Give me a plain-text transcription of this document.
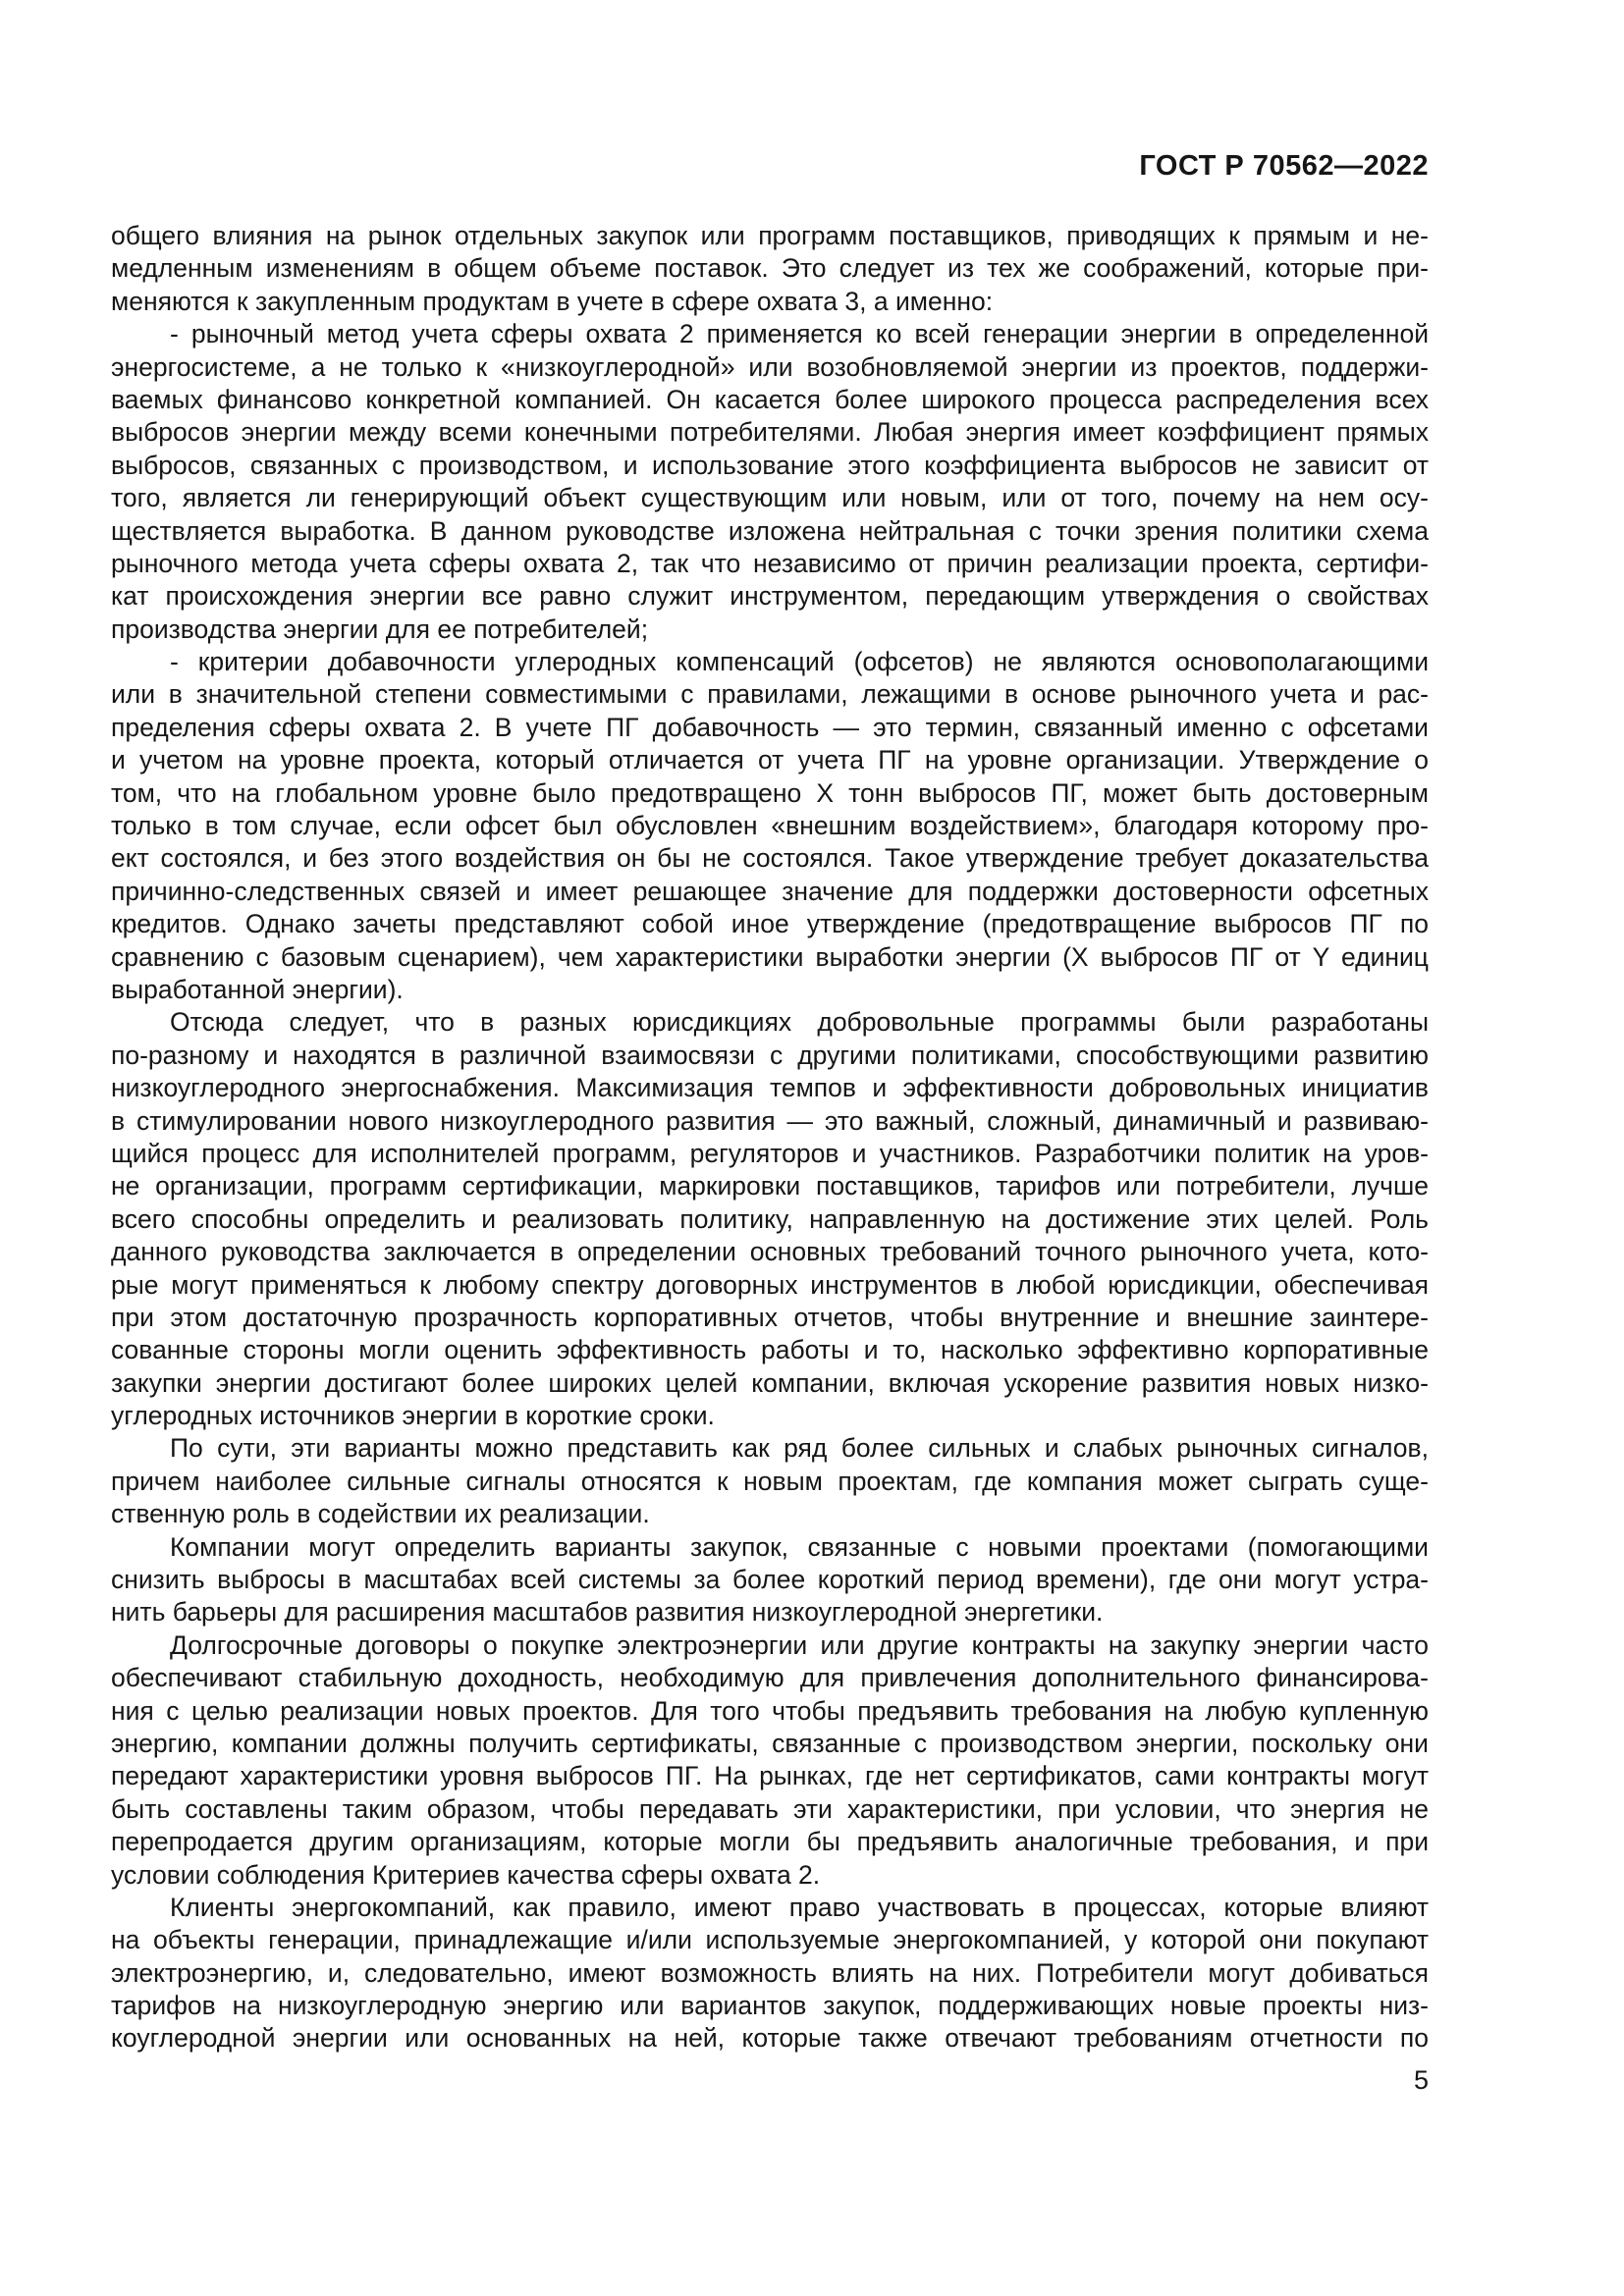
ГОСТ Р 70562—2022
общего влияния на рынок отдельных закупок или программ поставщиков, приводящих к прямым и не-
медленным изменениям в общем объеме поставок. Это следует из тех же соображений, которые при-
меняются к закупленным продуктам в учете в сфере охвата 3, а именно:
- рыночный метод учета сферы охвата 2 применяется ко всей генерации энергии в определенной
энергосистеме, а не только к «низкоуглеродной» или возобновляемой энергии из проектов, поддержи-
ваемых финансово конкретной компанией. Он касается более широкого процесса распределения всех
выбросов энергии между всеми конечными потребителями. Любая энергия имеет коэффициент прямых
выбросов, связанных с производством, и использование этого коэффициента выбросов не зависит от
того, является ли генерирующий объект существующим или новым, или от того, почему на нем осу-
ществляется выработка. В данном руководстве изложена нейтральная с точки зрения политики схема
рыночного метода учета сферы охвата 2, так что независимо от причин реализации проекта, сертифи-
кат происхождения энергии все равно служит инструментом, передающим утверждения о свойствах
производства энергии для ее потребителей;
- критерии добавочности углеродных компенсаций (офсетов) не являются основополагающими
или в значительной степени совместимыми с правилами, лежащими в основе рыночного учета и рас-
пределения сферы охвата 2. В учете ПГ добавочность — это термин, связанный именно с офсетами
и учетом на уровне проекта, который отличается от учета ПГ на уровне организации. Утверждение о
том, что на глобальном уровне было предотвращено X тонн выбросов ПГ, может быть достоверным
только в том случае, если офсет был обусловлен «внешним воздействием», благодаря которому про-
ект состоялся, и без этого воздействия он бы не состоялся. Такое утверждение требует доказательства
причинно-следственных связей и имеет решающее значение для поддержки достоверности офсетных
кредитов. Однако зачеты представляют собой иное утверждение (предотвращение выбросов ПГ по
сравнению с базовым сценарием), чем характеристики выработки энергии (X выбросов ПГ от Y единиц
выработанной энергии).
Отсюда следует, что в разных юрисдикциях добровольные программы были разработаны
по-разному и находятся в различной взаимосвязи с другими политиками, способствующими развитию
низкоуглеродного энергоснабжения. Максимизация темпов и эффективности добровольных инициатив
в стимулировании нового низкоуглеродного развития — это важный, сложный, динамичный и развиваю-
щийся процесс для исполнителей программ, регуляторов и участников. Разработчики политик на уров-
не организации, программ сертификации, маркировки поставщиков, тарифов или потребители, лучше
всего способны определить и реализовать политику, направленную на достижение этих целей. Роль
данного руководства заключается в определении основных требований точного рыночного учета, кото-
рые могут применяться к любому спектру договорных инструментов в любой юрисдикции, обеспечивая
при этом достаточную прозрачность корпоративных отчетов, чтобы внутренние и внешние заинтере-
сованные стороны могли оценить эффективность работы и то, насколько эффективно корпоративные
закупки энергии достигают более широких целей компании, включая ускорение развития новых низко-
углеродных источников энергии в короткие сроки.
По сути, эти варианты можно представить как ряд более сильных и слабых рыночных сигналов,
причем наиболее сильные сигналы относятся к новым проектам, где компания может сыграть суще-
ственную роль в содействии их реализации.
Компании могут определить варианты закупок, связанные с новыми проектами (помогающими
снизить выбросы в масштабах всей системы за более короткий период времени), где они могут устра-
нить барьеры для расширения масштабов развития низкоуглеродной энергетики.
Долгосрочные договоры о покупке электроэнергии или другие контракты на закупку энергии часто
обеспечивают стабильную доходность, необходимую для привлечения дополнительного финансирова-
ния с целью реализации новых проектов. Для того чтобы предъявить требования на любую купленную
энергию, компании должны получить сертификаты, связанные с производством энергии, поскольку они
передают характеристики уровня выбросов ПГ. На рынках, где нет сертификатов, сами контракты могут
быть составлены таким образом, чтобы передавать эти характеристики, при условии, что энергия не
перепродается другим организациям, которые могли бы предъявить аналогичные требования, и при
условии соблюдения Критериев качества сферы охвата 2.
Клиенты энергокомпаний, как правило, имеют право участвовать в процессах, которые влияют
на объекты генерации, принадлежащие и/или используемые энергокомпанией, у которой они покупают
электроэнергию, и, следовательно, имеют возможность влиять на них. Потребители могут добиваться
тарифов на низкоуглеродную энергию или вариантов закупок, поддерживающих новые проекты низ-
коуглеродной энергии или основанных на ней, которые также отвечают требованиям отчетности по
5
